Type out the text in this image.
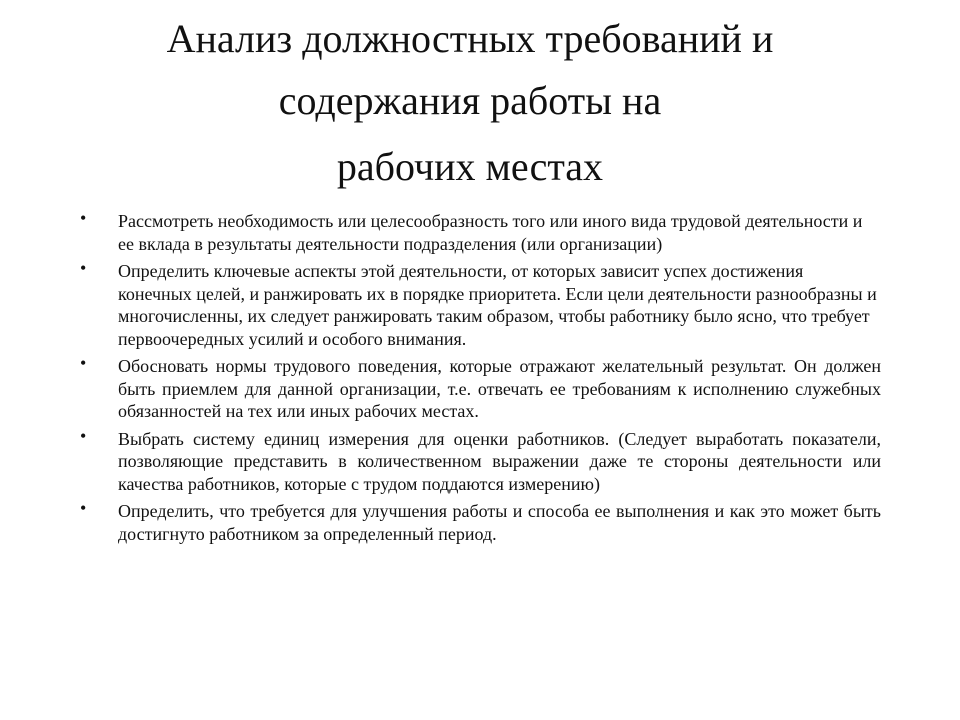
Анализ должностных требований и
содержания работы на
рабочих местах
• Рассмотреть необходимость или целесообразность того или иного вида трудовой деятельности и ее вклада в результаты деятельности подразделения (или организации)
• Определить ключевые аспекты этой деятельности, от которых зависит успех достижения конечных целей, и ранжировать их в порядке приоритета. Если цели деятельности разнообразны и многочисленны, их следует ранжировать таким образом, чтобы работнику было ясно, что требует первоочередных усилий и особого внимания.
• Обосновать нормы трудового поведения, которые отражают желательный результат. Он должен быть приемлем для данной организации, т.е. отвечать ее требованиям к исполнению служебных обязанностей на тех или иных рабочих местах.
• Выбрать систему единиц измерения для оценки работников. (Следует выработать показатели, позволяющие представить в количественном выражении даже те стороны деятельности или качества работников, которые с трудом поддаются измерению)
• Определить, что требуется для улучшения работы и способа ее выполнения и как это может быть достигнуто работником за определенный период.
